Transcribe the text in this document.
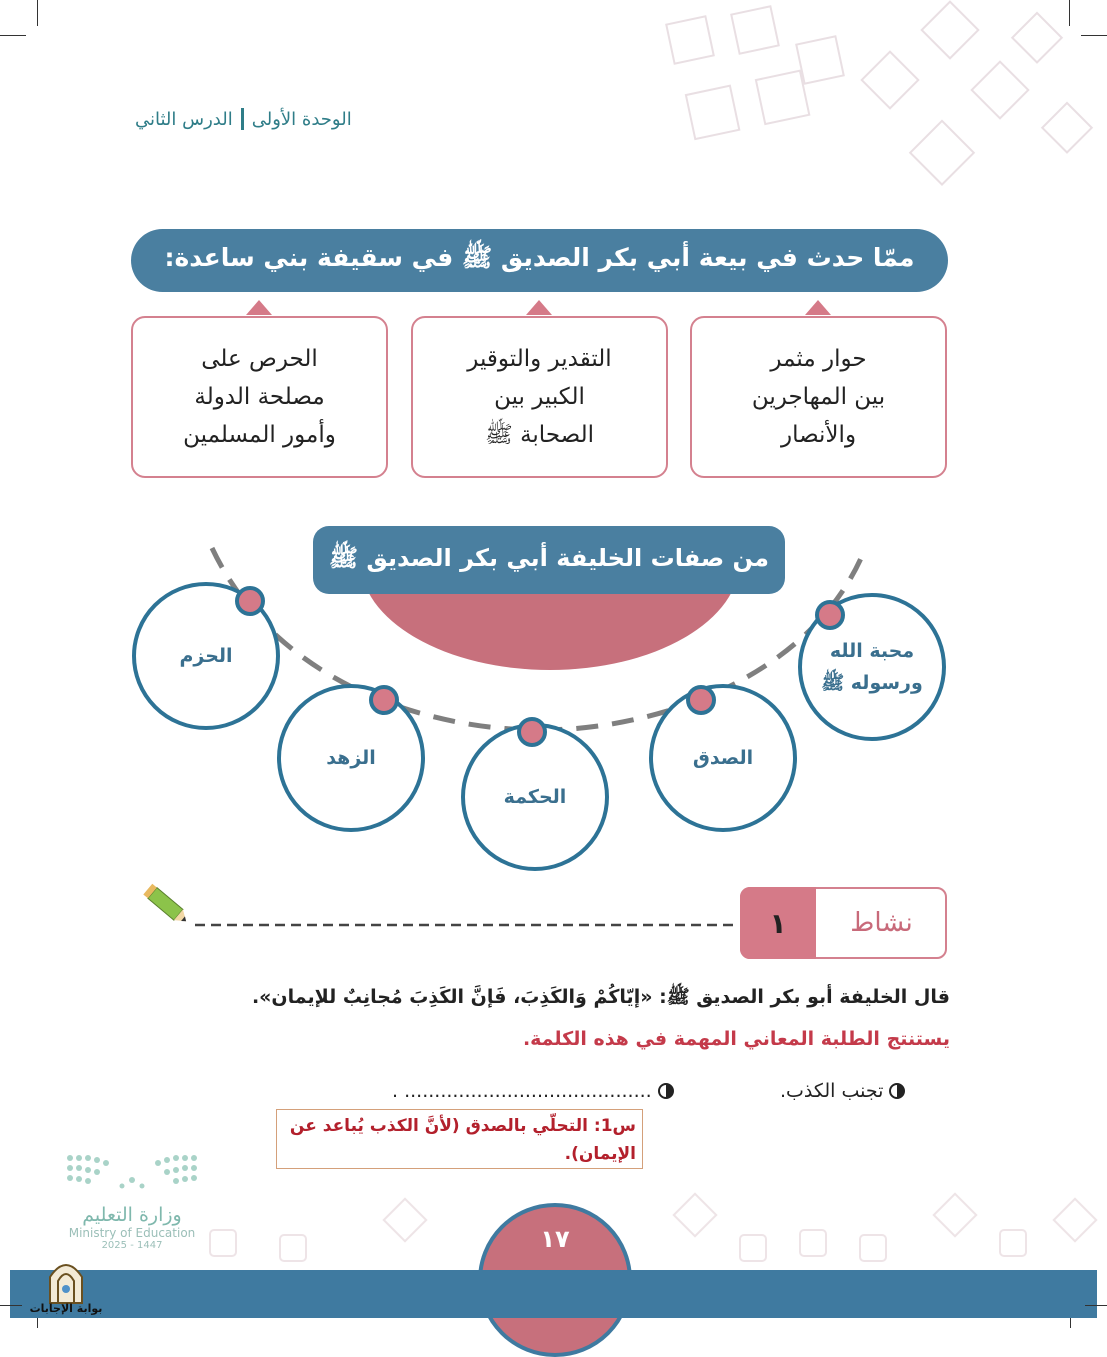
الوحدة الأولى
الدرس الثاني
ممّا حدث في بيعة أبي بكر الصديق ﷺ في سقيفة بني ساعدة:
حوار مثمر
بين المهاجرين
والأنصار
التقدير والتوقير
الكبير بين
الصحابة ﷺ
الحرص على
مصلحة الدولة
وأمور المسلمين
من صفات الخليفة أبي بكر الصديق ﷺ
محبة الله
ورسوله ﷺ
الصدق
الحكمة
الزهد
الحزم
١	نشاط
قال الخليفة أبو بكر الصديق ﷺ: «إيّاكُمْ وَالكَذِبَ، فَإنَّ الكَذِبَ مُجانِبٌ للإيمان».
يستنتج الطلبة المعاني المهمة في هذه الكلمة.
تجنب الكذب.
......................................... .
س1: التحلّي بالصدق (لأنَّ الكذب يُباعد عن الإيمان).
وزارة التعليم
Ministry of Education
2025 - 1447	١٧
بوابة الإجابات
